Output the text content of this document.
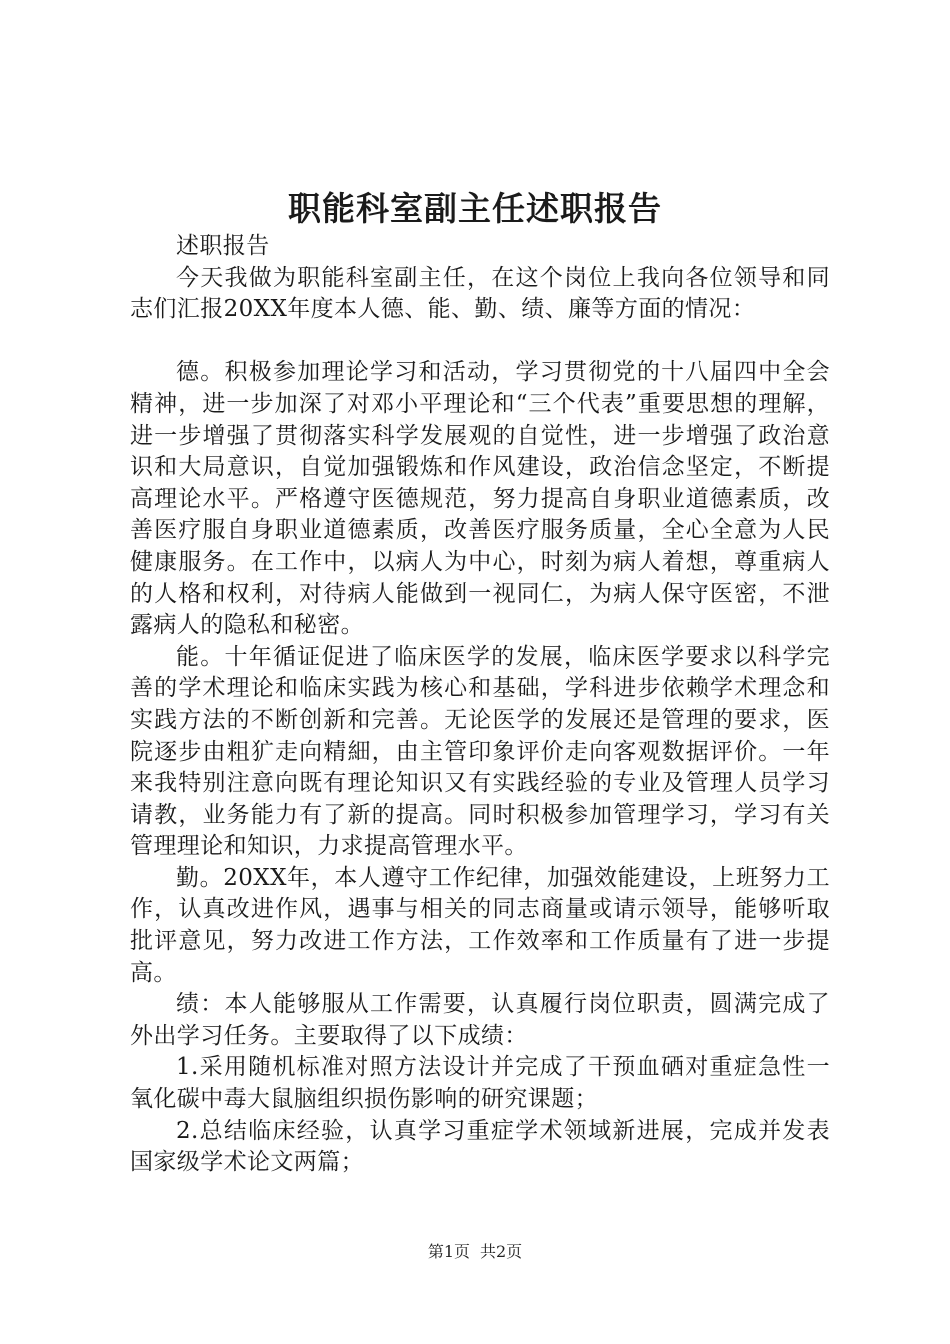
职能科室副主任述职报告

述职报告

今天我做为职能科室副主任，在这个岗位上我向各位领导和同志们汇报20XX年度本人德、能、勤、绩、廉等方面的情况：

德。积极参加理论学习和活动，学习贯彻党的十八届四中全会精神，进一步加深了对邓小平理论和“三个代表”重要思想的理解，进一步增强了贯彻落实科学发展观的自觉性，进一步增强了政治意识和大局意识，自觉加强锻炼和作风建设，政治信念坚定，不断提高理论水平。严格遵守医德规范，努力提高自身职业道德素质，改善医疗服自身职业道德素质，改善医疗服务质量，全心全意为人民健康服务。在工作中，以病人为中心，时刻为病人着想，尊重病人的人格和权利，对待病人能做到一视同仁，为病人保守医密，不泄露病人的隐私和秘密。

能。十年循证促进了临床医学的发展，临床医学要求以科学完善的学术理论和临床实践为核心和基础，学科进步依赖学术理念和实践方法的不断创新和完善。无论医学的发展还是管理的要求，医院逐步由粗犷走向精細，由主管印象评价走向客观数据评价。一年来我特别注意向既有理论知识又有实践经验的专业及管理人员学习请教，业务能力有了新的提高。同时积极参加管理学习，学习有关管理理论和知识，力求提高管理水平。

勤。20XX年，本人遵守工作纪律，加强效能建设，上班努力工作，认真改进作风，遇事与相关的同志商量或请示领导，能够听取批评意见，努力改进工作方法，工作效率和工作质量有了进一步提高。

绩：本人能够服从工作需要，认真履行岗位职责，圆满完成了外出学习任务。主要取得了以下成绩：

1.采用随机标准对照方法设计并完成了干预血硒对重症急性一氧化碳中毒大鼠脑组织损伤影响的研究课题；

2.总结临床经验，认真学习重症学术领域新进展，完成并发表国家级学术论文两篇；

第1页 共2页
